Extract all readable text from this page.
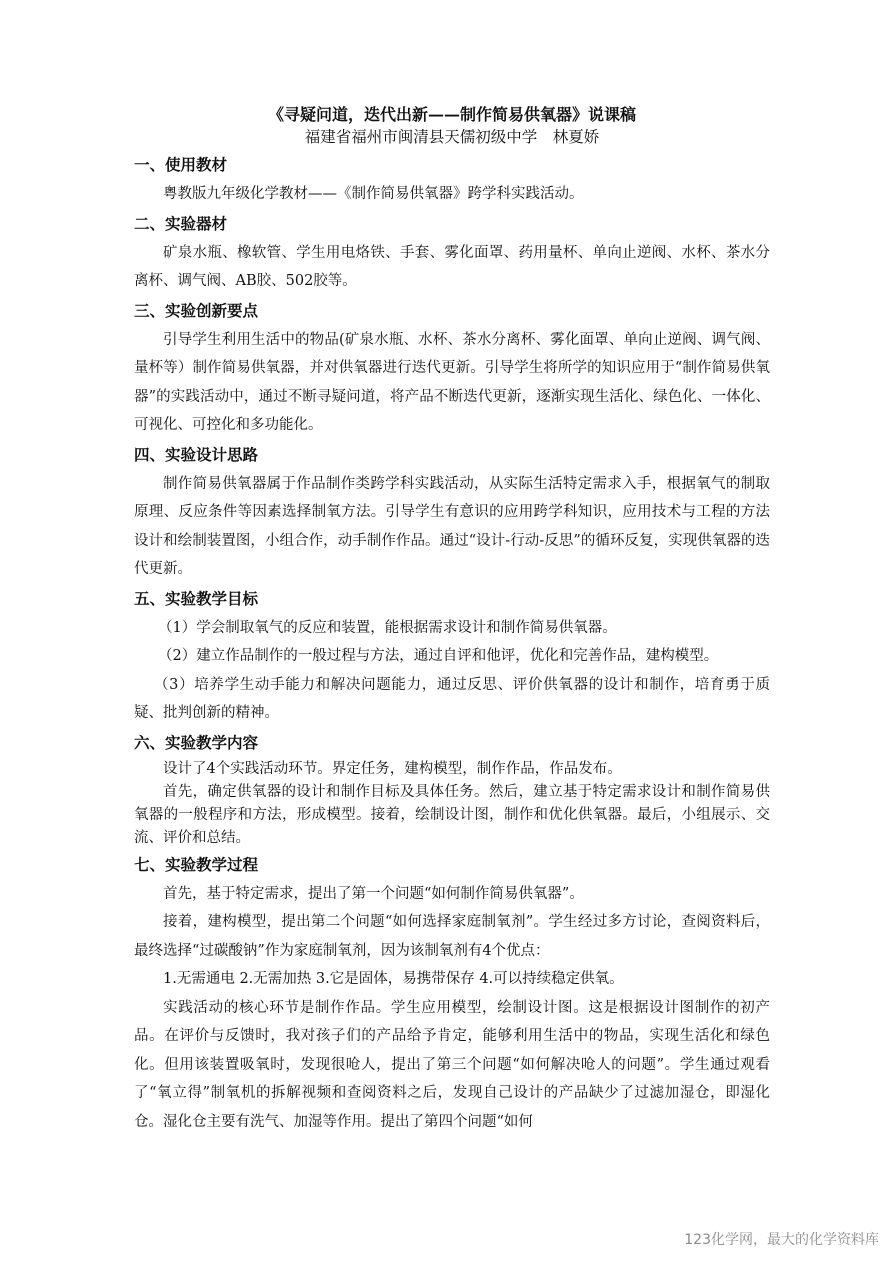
《寻疑问道，迭代出新——制作简易供氧器》说课稿
福建省福州市闽清县天儒初级中学　林夏娇
一、使用教材

粤教版九年级化学教材——《制作简易供氧器》跨学科实践活动。

二、实验器材

矿泉水瓶、橡软管、学生用电烙铁、手套、雾化面罩、药用量杯、单向止逆阀、水杯、茶水分离杯、调气阀、AB胶、502胶等。

三、实验创新要点

引导学生利用生活中的物品(矿泉水瓶、水杯、茶水分离杯、雾化面罩、单向止逆阀、调气阀、量杯等）制作简易供氧器，并对供氧器进行迭代更新。引导学生将所学的知识应用于“制作简易供氧器”的实践活动中，通过不断寻疑问道，将产品不断迭代更新，逐渐实现生活化、绿色化、一体化、可视化、可控化和多功能化。

四、实验设计思路

制作简易供氧器属于作品制作类跨学科实践活动，从实际生活特定需求入手，根据氧气的制取原理、反应条件等因素选择制氧方法。引导学生有意识的应用跨学科知识，应用技术与工程的方法设计和绘制装置图，小组合作，动手制作作品。通过“设计-行动-反思”的循环反复，实现供氧器的迭代更新。

五、实验教学目标

（1）学会制取氧气的反应和装置，能根据需求设计和制作简易供氧器。

（2）建立作品制作的一般过程与方法，通过自评和他评，优化和完善作品，建构模型。

（3）培养学生动手能力和解决问题能力，通过反思、评价供氧器的设计和制作，培育勇于质疑、批判创新的精神。

六、实验教学内容

设计了4个实践活动环节。界定任务，建构模型，制作作品，作品发布。

首先，确定供氧器的设计和制作目标及具体任务。然后，建立基于特定需求设计和制作简易供氧器的一般程序和方法，形成模型。接着，绘制设计图，制作和优化供氧器。最后，小组展示、交流、评价和总结。

七、实验教学过程

首先，基于特定需求，提出了第一个问题“如何制作简易供氧器”。

接着，建构模型，提出第二个问题“如何选择家庭制氧剂”。学生经过多方讨论，查阅资料后，最终选择“过碳酸钠”作为家庭制氧剂，因为该制氧剂有4个优点：

1.无需通电 2.无需加热 3.它是固体，易携带保存 4.可以持续稳定供氧。

实践活动的核心环节是制作作品。学生应用模型，绘制设计图。这是根据设计图制作的初产品。在评价与反馈时，我对孩子们的产品给予肯定，能够利用生活中的物品，实现生活化和绿色化。但用该装置吸氧时，发现很呛人，提出了第三个问题“如何解决呛人的问题”。学生通过观看了“氧立得”制氧机的拆解视频和查阅资料之后，发现自己设计的产品缺少了过滤加湿仓，即湿化仓。湿化仓主要有洗气、加湿等作用。提出了第四个问题“如何

123化学网，最大的化学资料库
